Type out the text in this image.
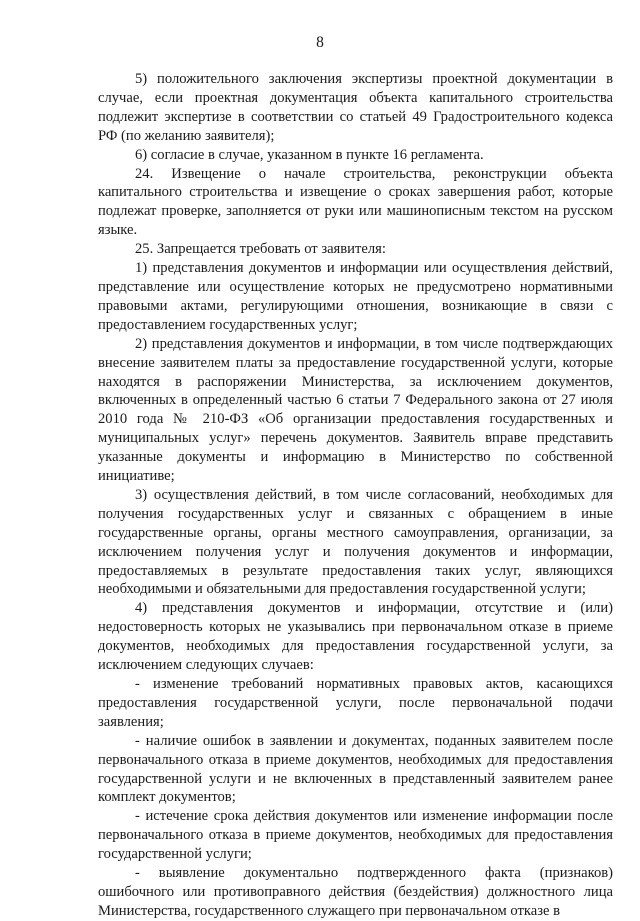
8

5) положительного заключения экспертизы проектной документации в случае, если проектная документация объекта капитального строительства подлежит экспертизе в соответствии со статьей 49 Градостроительного кодекса РФ (по желанию заявителя);

6) согласие в случае, указанном в пункте 16 регламента.

24. Извещение о начале строительства, реконструкции объекта капитального строительства и извещение о сроках завершения работ, которые подлежат проверке, заполняется от руки или машинописным текстом на русском языке.

25. Запрещается требовать от заявителя:

1) представления документов и информации или осуществления действий, представление или осуществление которых не предусмотрено нормативными правовыми актами, регулирующими отношения, возникающие в связи с предоставлением государственных услуг;

2) представления документов и информации, в том числе подтверждающих внесение заявителем платы за предоставление государственной услуги, которые находятся в распоряжении Министерства, за исключением документов, включенных в определенный частью 6 статьи 7 Федерального закона от 27 июля 2010 года № 210-ФЗ «Об организации предоставления государственных и муниципальных услуг» перечень документов. Заявитель вправе представить указанные документы и информацию в Министерство по собственной инициативе;

3) осуществления действий, в том числе согласований, необходимых для получения государственных услуг и связанных с обращением в иные государственные органы, органы местного самоуправления, организации, за исключением получения услуг и получения документов и информации, предоставляемых в результате предоставления таких услуг, являющихся необходимыми и обязательными для предоставления государственной услуги;

4) представления документов и информации, отсутствие и (или) недостоверность которых не указывались при первоначальном отказе в приеме документов, необходимых для предоставления государственной услуги, за исключением следующих случаев:

- изменение требований нормативных правовых актов, касающихся предоставления государственной услуги, после первоначальной подачи заявления;

- наличие ошибок в заявлении и документах, поданных заявителем после первоначального отказа в приеме документов, необходимых для предоставления государственной услуги и не включенных в представленный заявителем ранее комплект документов;

- истечение срока действия документов или изменение информации после первоначального отказа в приеме документов, необходимых для предоставления государственной услуги;

- выявление документально подтвержденного факта (признаков) ошибочного или противоправного действия (бездействия) должностного лица Министерства, государственного служащего при первоначальном отказе в
